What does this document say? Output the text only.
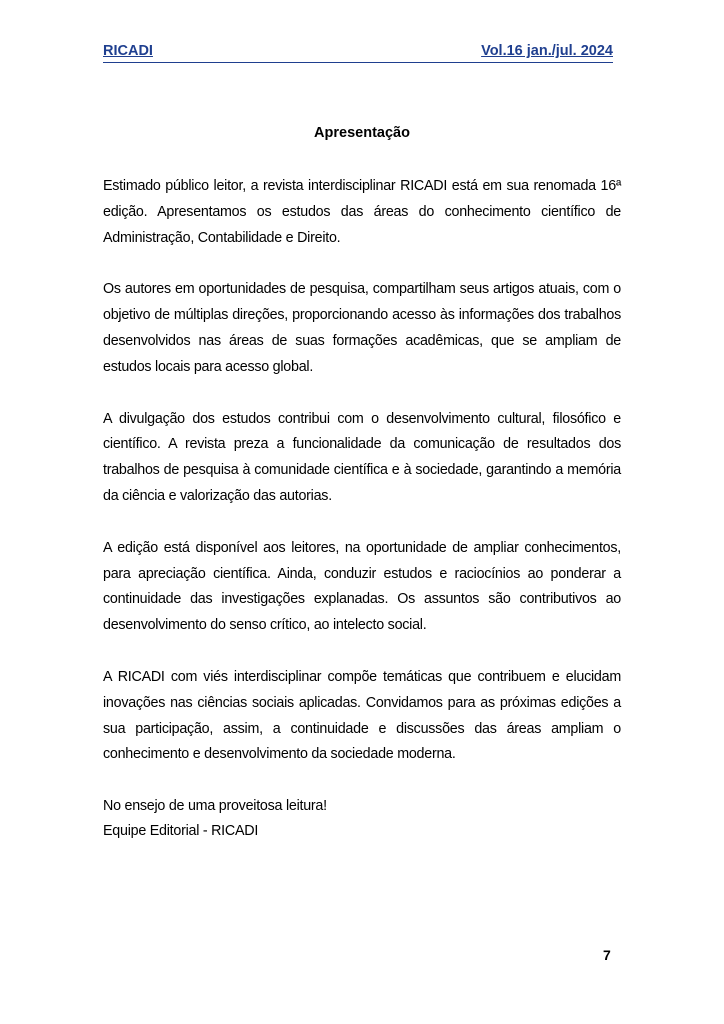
RICADI	Vol.16 jan./jul. 2024
Apresentação

Estimado público leitor, a revista interdisciplinar RICADI está em sua renomada 16ª edição. Apresentamos os estudos das áreas do conhecimento científico de Administração, Contabilidade e Direito.

Os autores em oportunidades de pesquisa, compartilham seus artigos atuais, com o objetivo de múltiplas direções, proporcionando acesso às informações dos trabalhos desenvolvidos nas áreas de suas formações acadêmicas, que se ampliam de estudos locais para acesso global.

A divulgação dos estudos contribui com o desenvolvimento cultural, filosófico e científico. A revista preza a funcionalidade da comunicação de resultados dos trabalhos de pesquisa à comunidade científica e à sociedade, garantindo a memória da ciência e valorização das autorias.

A edição está disponível aos leitores, na oportunidade de ampliar conhecimentos, para apreciação científica. Ainda, conduzir estudos e raciocínios ao ponderar a continuidade das investigações explanadas. Os assuntos são contributivos ao desenvolvimento do senso crítico, ao intelecto social.

A RICADI com viés interdisciplinar compõe temáticas que contribuem e elucidam inovações nas ciências sociais aplicadas. Convidamos para as próximas edições a sua participação, assim, a continuidade e discussões das áreas ampliam o conhecimento e desenvolvimento da sociedade moderna.

No ensejo de uma proveitosa leitura!

Equipe Editorial - RICADI

7
